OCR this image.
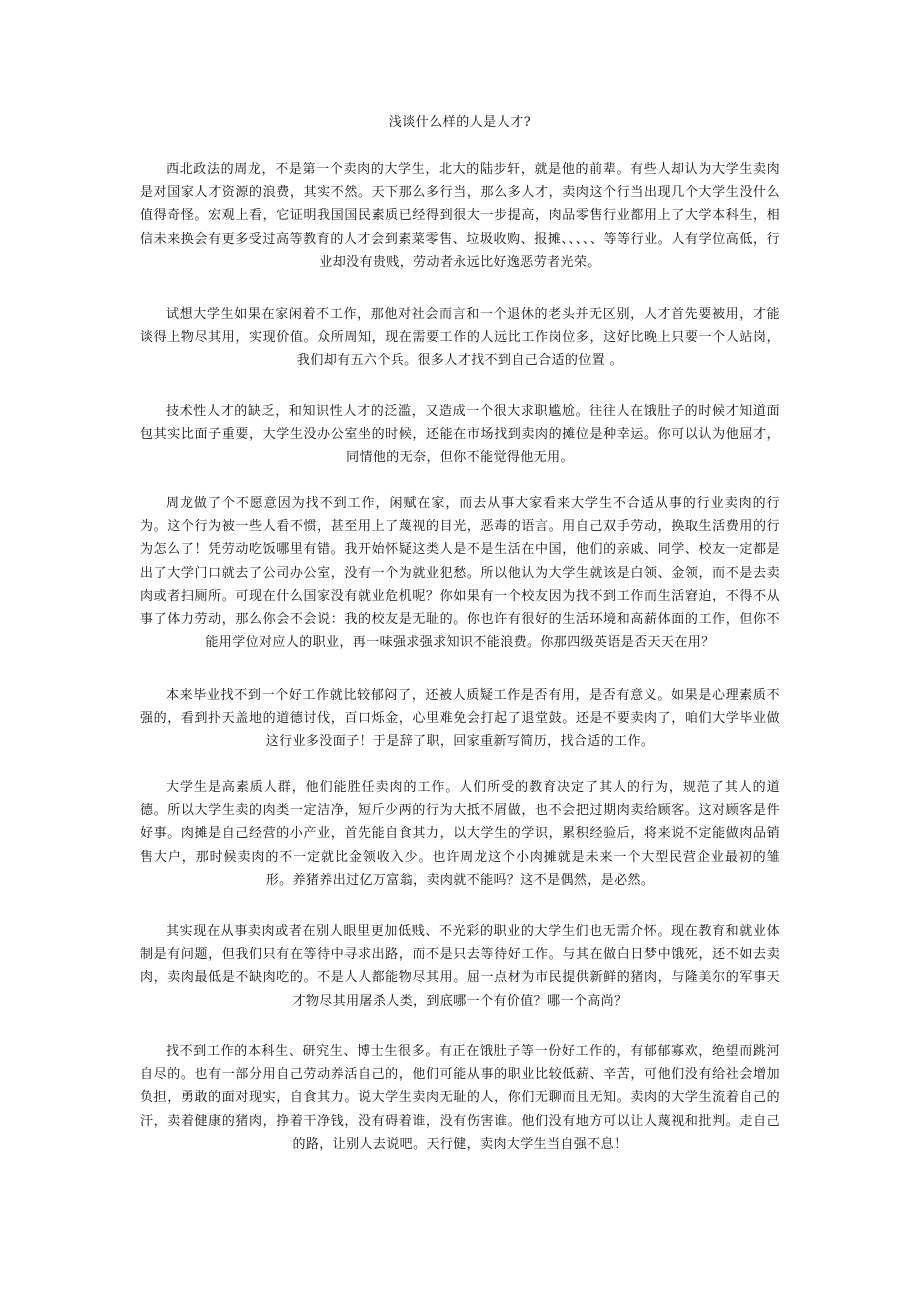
浅谈什么样的人是人才?

西北政法的周龙，不是第一个卖肉的大学生，北大的陆步轩，就是他的前辈。有些人却认为大学生卖肉是对国家人才资源的浪费，其实不然。天下那么多行当，那么多人才，卖肉这个行当出现几个大学生没什么值得奇怪。宏观上看，它证明我国国民素质已经得到很大一步提高，肉品零售行业都用上了大学本科生，相信未来换会有更多受过高等教育的人才会到素菜零售、垃圾收购、报摊、、、、、等等行业。人有学位高低，行业却没有贵贱，劳动者永远比好逸恶劳者光荣。

试想大学生如果在家闲着不工作，那他对社会而言和一个退休的老头并无区别，人才首先要被用，才能谈得上物尽其用，实现价值。众所周知，现在需要工作的人远比工作岗位多，这好比晚上只要一个人站岗，我们却有五六个兵。很多人才找不到自己合适的位置 。

技术性人才的缺乏，和知识性人才的泛滥，又造成一个很大求职尴尬。往往人在饿肚子的时候才知道面包其实比面子重要，大学生没办公室坐的时候，还能在市场找到卖肉的摊位是种幸运。你可以认为他屈才，同情他的无奈，但你不能觉得他无用。

周龙做了个不愿意因为找不到工作，闲赋在家，而去从事大家看来大学生不合适从事的行业卖肉的行为。这个行为被一些人看不惯，甚至用上了蔑视的目光，恶毒的语言。用自己双手劳动，换取生活费用的行为怎么了！凭劳动吃饭哪里有错。我开始怀疑这类人是不是生活在中国，他们的亲戚、同学、校友一定都是出了大学门口就去了公司办公室，没有一个为就业犯愁。所以他认为大学生就该是白领、金领，而不是去卖肉或者扫厕所。可现在什么国家没有就业危机呢？你如果有一个校友因为找不到工作而生活窘迫，不得不从事了体力劳动，那么你会不会说：我的校友是无耻的。你也许有很好的生活环境和高薪体面的工作，但你不能用学位对应人的职业，再一味强求强求知识不能浪费。你那四级英语是否天天在用？

本来毕业找不到一个好工作就比较郁闷了，还被人质疑工作是否有用，是否有意义。如果是心理素质不强的，看到扑天盖地的道德讨伐，百口烁金，心里难免会打起了退堂鼓。还是不要卖肉了，咱们大学毕业做这行业多没面子！于是辞了职，回家重新写简历，找合适的工作。

大学生是高素质人群，他们能胜任卖肉的工作。人们所受的教育决定了其人的行为，规范了其人的道德。所以大学生卖的肉类一定洁净，短斤少两的行为大抵不屑做，也不会把过期肉卖给顾客。这对顾客是件好事。肉摊是自己经营的小产业，首先能自食其力，以大学生的学识，累积经验后，将来说不定能做肉品销售大户，那时候卖肉的不一定就比金领收入少。也许周龙这个小肉摊就是未来一个大型民营企业最初的雏形。养猪养出过亿万富翁，卖肉就不能吗？这不是偶然，是必然。

其实现在从事卖肉或者在别人眼里更加低贱、不光彩的职业的大学生们也无需介怀。现在教育和就业体制是有问题，但我们只有在等待中寻求出路，而不是只去等待好工作。与其在做白日梦中饿死，还不如去卖肉，卖肉最低是不缺肉吃的。不是人人都能物尽其用。屈一点材为市民提供新鲜的猪肉，与隆美尔的军事天才物尽其用屠杀人类，到底哪一个有价值？哪一个高尚？

找不到工作的本科生、研究生、博士生很多。有正在饿肚子等一份好工作的，有郁郁寡欢，绝望而跳河自尽的。也有一部分用自己劳动养活自己的，他们可能从事的职业比较低薪、辛苦，可他们没有给社会增加负担，勇敢的面对现实，自食其力。说大学生卖肉无耻的人，你们无聊而且无知。卖肉的大学生流着自己的汗，卖着健康的猪肉，挣着干净钱，没有碍着谁，没有伤害谁。他们没有地方可以让人蔑视和批判。走自己的路，让别人去说吧。天行健，卖肉大学生当自强不息！
